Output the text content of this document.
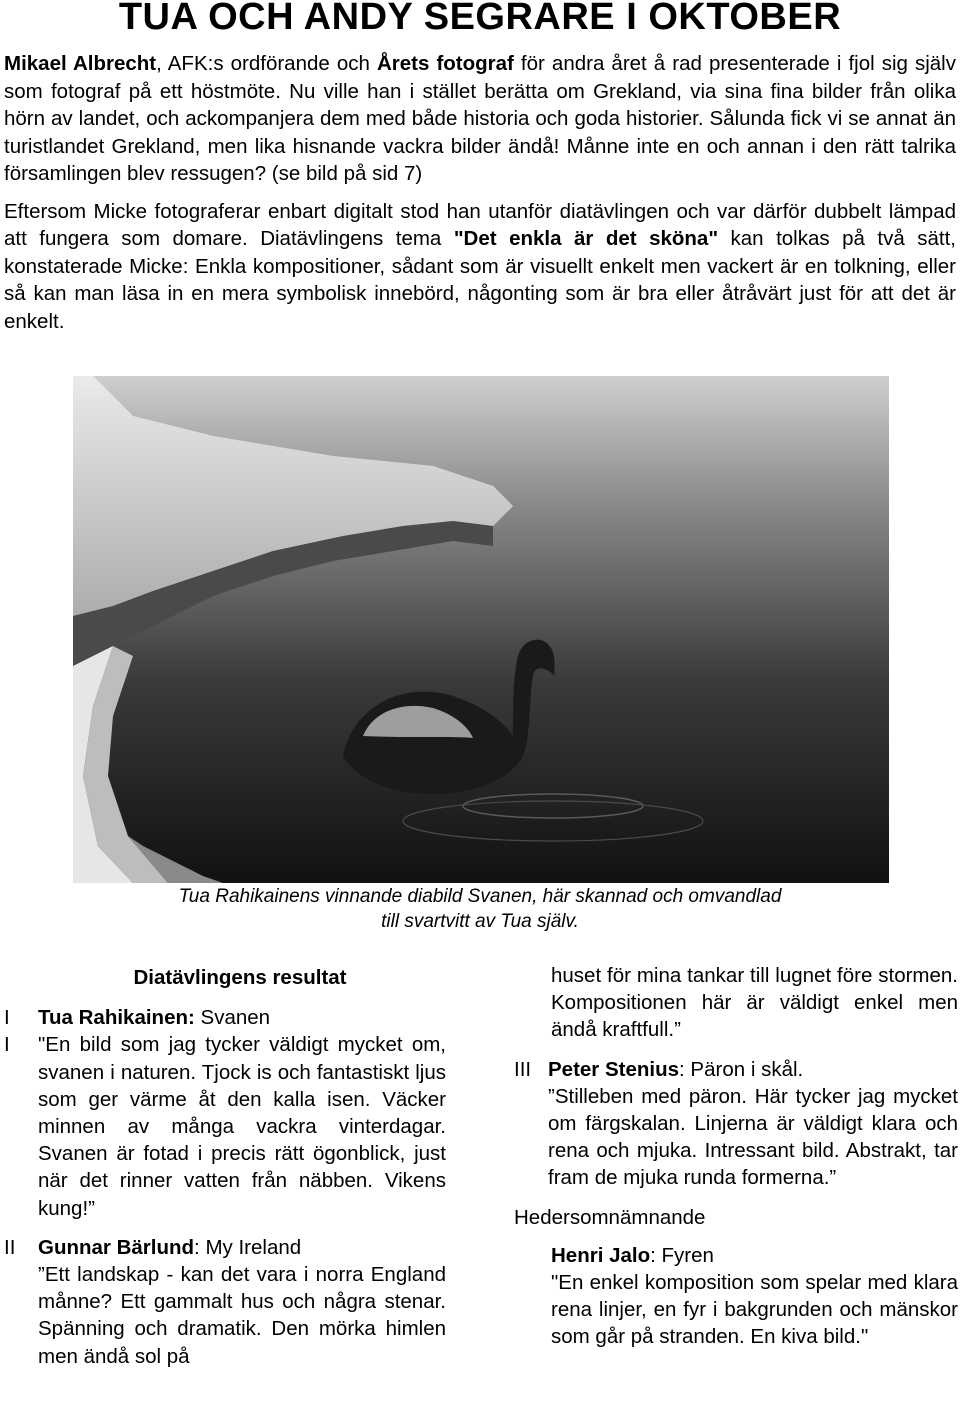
TUA OCH ANDY SEGRARE I OKTOBER

Mikael Albrecht, AFK:s ordförande och Årets fotograf för andra året å rad presenterade i fjol sig själv som fotograf på ett höstmöte. Nu ville han i stället berätta om Grekland, via sina fina bilder från olika hörn av landet, och ackompanjera dem med både historia och goda historier. Sålunda fick vi se annat än turistlandet Grekland, men lika hisnande vackra bilder ändå! Månne inte en och annan i den rätt talrika församlingen blev ressugen? (se bild på sid 7)

Eftersom Micke fotograferar enbart digitalt stod han utanför diatävlingen och var därför dubbelt lämpad att fungera som domare. Diatävlingens tema "Det enkla är det sköna" kan tolkas på två sätt, konstaterade Micke: Enkla kompositioner, sådant som är visuellt enkelt men vackert är en tolkning, eller så kan man läsa in en mera symbolisk innebörd, någonting som är bra eller åtråvärt just för att det är enkelt.

Tua Rahikainens vinnande diabild Svanen, här skannad och omvandlad
till svartvitt av Tua själv.
Diatävlingens resultat
I	Tua Rahikainen: Svanen
I	"En bild som jag tycker väldigt mycket om, svanen i naturen. Tjock is och fantastiskt ljus som ger värme åt den kalla isen. Väcker minnen av många vackra vinterdagar. Svanen är fotad i precis rätt ögonblick, just när det rinner vatten från näbben. Vikens kung!”
II	Gunnar Bärlund: My Ireland
”Ett landskap - kan det vara i norra England månne? Ett gammalt hus och några stenar. Spänning och dramatik. Den mörka himlen men ändå sol på
huset för mina tankar till lugnet före stormen. Kompositionen här är väldigt enkel men ändå kraftfull.”
III Peter Stenius: Päron i skål.
”Stilleben med päron. Här tycker jag mycket om färgskalan. Linjerna är väldigt klara och rena och mjuka. Intressant bild. Abstrakt, tar fram de mjuka runda formerna.”
Hedersomnämnande
Henri Jalo: Fyren
"En enkel komposition som spelar med klara rena linjer, en fyr i bakgrunden och mänskor som går på stranden. En kiva bild."
